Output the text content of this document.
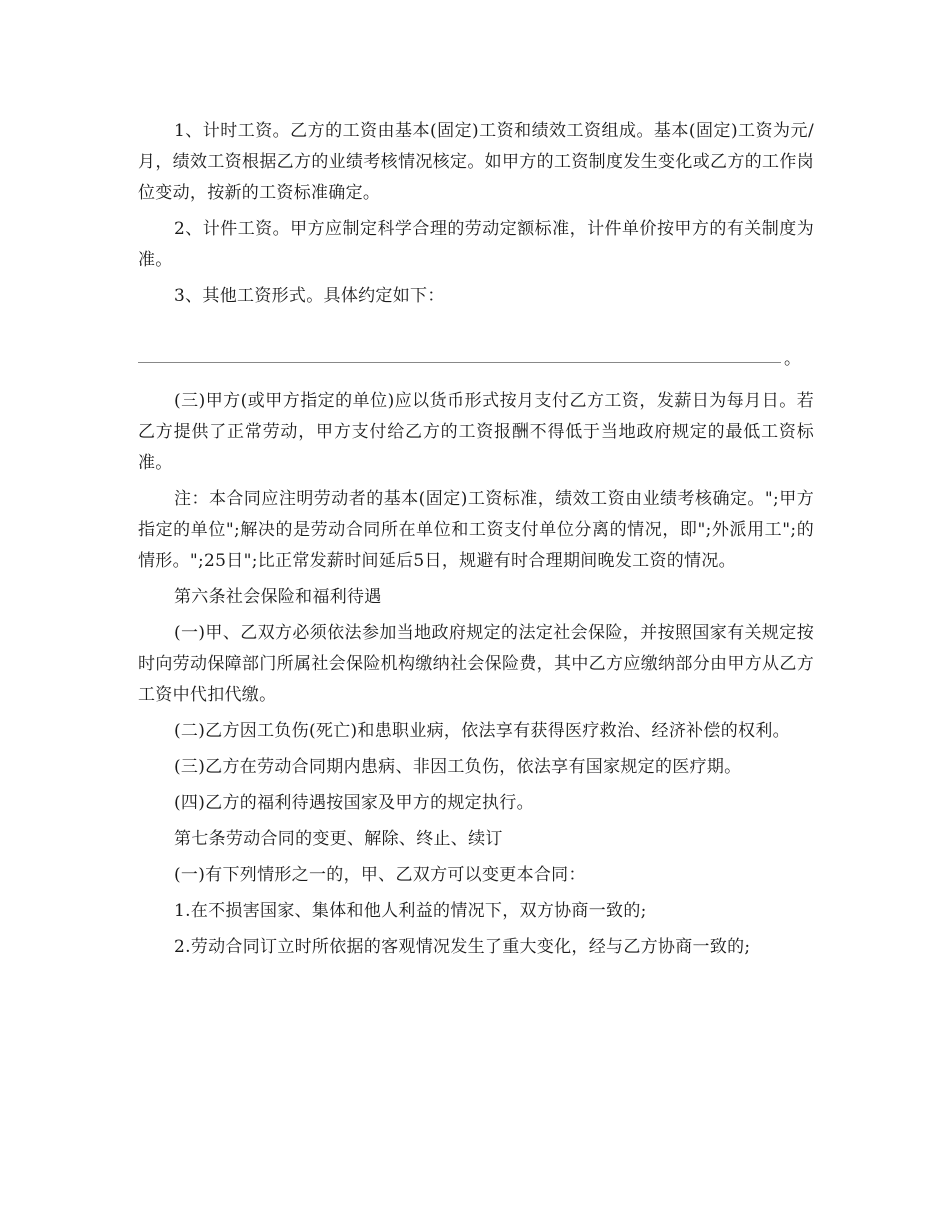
1、计时工资。乙方的工资由基本(固定)工资和绩效工资组成。基本(固定)工资为元/月，绩效工资根据乙方的业绩考核情况核定。如甲方的工资制度发生变化或乙方的工作岗位变动，按新的工资标准确定。

2、计件工资。甲方应制定科学合理的劳动定额标准，计件单价按甲方的有关制度为准。

3、其他工资形式。具体约定如下：

。

(三)甲方(或甲方指定的单位)应以货币形式按月支付乙方工资，发薪日为每月日。若乙方提供了正常劳动，甲方支付给乙方的工资报酬不得低于当地政府规定的最低工资标准。

注：本合同应注明劳动者的基本(固定)工资标准，绩效工资由业绩考核确定。";甲方指定的单位";解决的是劳动合同所在单位和工资支付单位分离的情况，即";外派用工";的情形。";25日";比正常发薪时间延后5日，规避有时合理期间晚发工资的情况。

第六条社会保险和福利待遇

(一)甲、乙双方必须依法参加当地政府规定的法定社会保险，并按照国家有关规定按时向劳动保障部门所属社会保险机构缴纳社会保险费，其中乙方应缴纳部分由甲方从乙方工资中代扣代缴。

(二)乙方因工负伤(死亡)和患职业病，依法享有获得医疗救治、经济补偿的权利。

(三)乙方在劳动合同期内患病、非因工负伤，依法享有国家规定的医疗期。

(四)乙方的福利待遇按国家及甲方的规定执行。

第七条劳动合同的变更、解除、终止、续订

(一)有下列情形之一的，甲、乙双方可以变更本合同：

1.在不损害国家、集体和他人利益的情况下，双方协商一致的;

2.劳动合同订立时所依据的客观情况发生了重大变化，经与乙方协商一致的;
